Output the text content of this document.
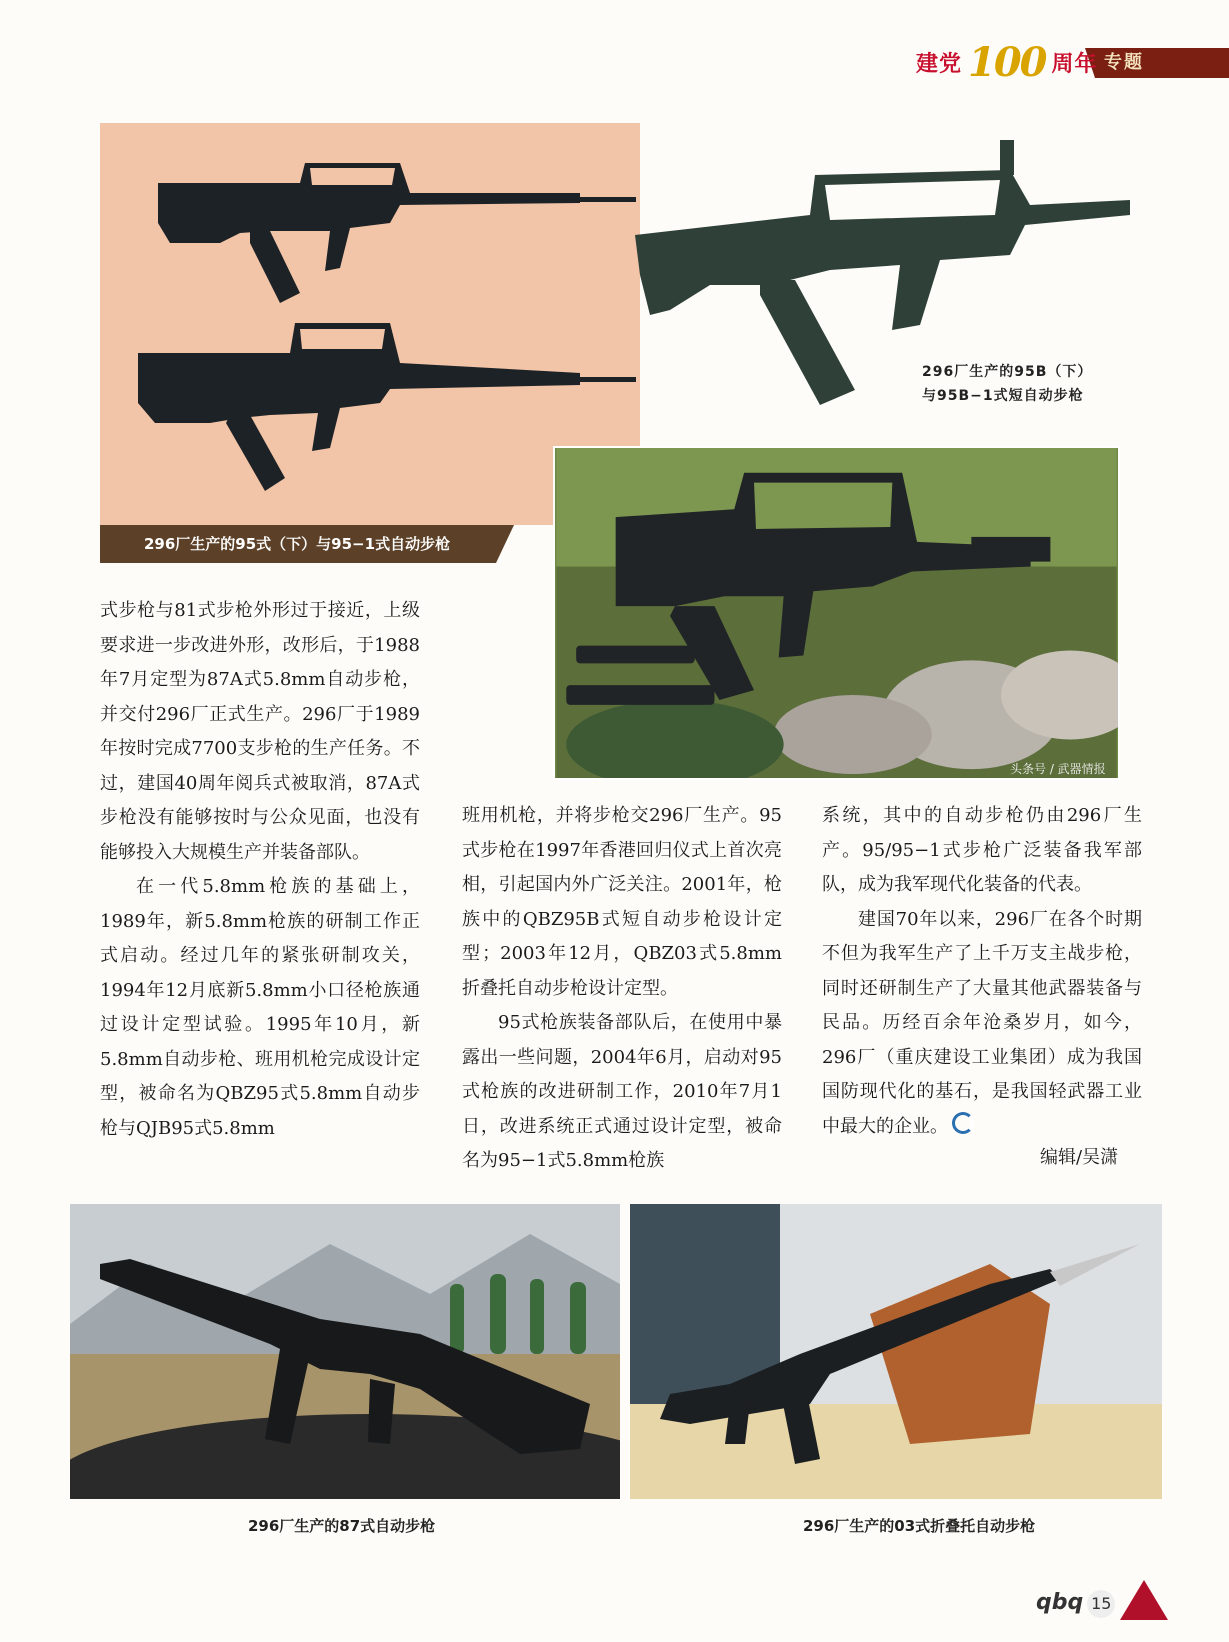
建党 100 周年 专题
296厂生产的95式（下）与95−1式自动步枪
296厂生产的95B（下）与95B−1式短自动步枪
头条号 / 武器情报

式步枪与81式步枪外形过于接近，上级要求进一步改进外形，改形后，于1988年7月定型为87A式5.8mm自动步枪，并交付296厂正式生产。296厂于1989年按时完成7700支步枪的生产任务。不过，建国40周年阅兵式被取消，87A式步枪没有能够按时与公众见面，也没有能够投入大规模生产并装备部队。

在一代5.8mm枪族的基础上，1989年，新5.8mm枪族的研制工作正式启动。经过几年的紧张研制攻关，1994年12月底新5.8mm小口径枪族通过设计定型试验。1995年10月，新5.8mm自动步枪、班用机枪完成设计定型，被命名为QBZ95式5.8mm自动步枪与QJB95式5.8mm

班用机枪，并将步枪交296厂生产。95式步枪在1997年香港回归仪式上首次亮相，引起国内外广泛关注。2001年，枪族中的QBZ95B式短自动步枪设计定型；2003年12月，QBZ03式5.8mm折叠托自动步枪设计定型。

95式枪族装备部队后，在使用中暴露出一些问题，2004年6月，启动对95式枪族的改进研制工作，2010年7月1日，改进系统正式通过设计定型，被命名为95−1式5.8mm枪族

系统，其中的自动步枪仍由296厂生产。95/95−1式步枪广泛装备我军部队，成为我军现代化装备的代表。

建国70年以来，296厂在各个时期不但为我军生产了上千万支主战步枪，同时还研制生产了大量其他武器装备与民品。历经百余年沧桑岁月，如今，296厂（重庆建设工业集团）成为我国国防现代化的基石，是我国轻武器工业中最大的企业。

编辑/吴潇
296厂生产的87式自动步枪	296厂生产的03式折叠托自动步枪
qbq 15
